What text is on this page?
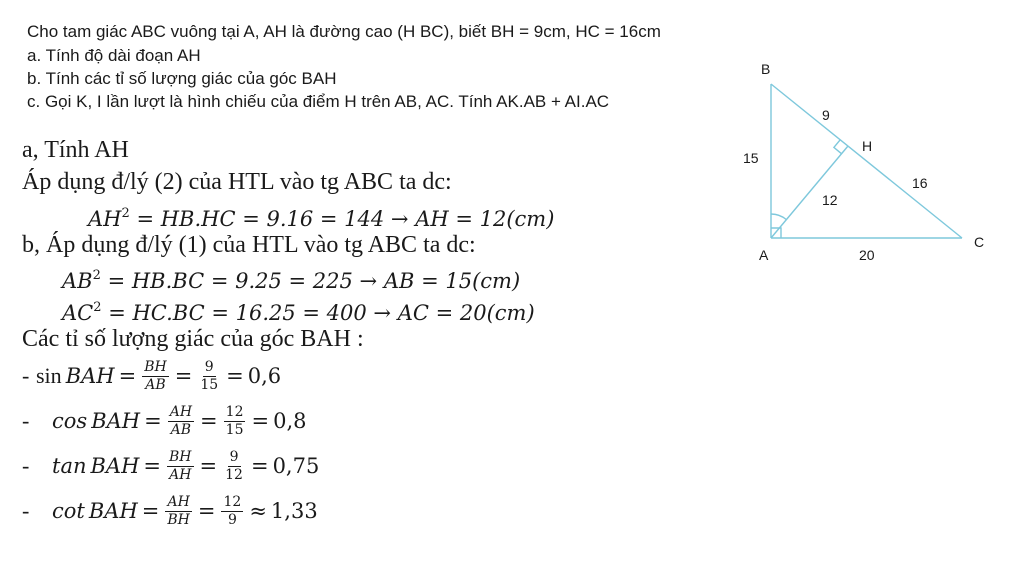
Cho tam giác ABC vuông tại A, AH là đường cao (H BC), biết BH = 9cm, HC = 16cm
a. Tính độ dài đoạn AH
b. Tính các tỉ số lượng giác của góc BAH
c. Gọi K, I lần lượt là hình chiếu của điểm H trên AB, AC. Tính AK.AB + AI.AC
a, Tính AH
Áp dụng đ/lý (2) của HTL vào tg ABC ta dc:
$AH^2 = HB.HC = 9.16 = 144$ → AH = 12(cm)
b, Áp dụng đ/lý (1) của HTL vào tg ABC ta dc:
$AB^2 = HB.BC = 9.25 = 225$ → AB = 15(cm)
$AC^2 = HC.BC = 16.25 = 400$ → AC = 20(cm)
Các tỉ số lượng giác của góc BAH :
- sin
BAH = $\frac{BH}{AB} = \frac{9}{15} = 0,6$
-	cos
BAH = $\frac{AH}{AB} = \frac{12}{15} = 0,8$
-	tan
BAH = $\frac{BH}{AH} = \frac{9}{12} = 0,75$
-	cot
BAH = $\frac{AH}{BH} = \frac{12}{9} \approx 1,33$
B
H
A
C
9
16
15
12
20
